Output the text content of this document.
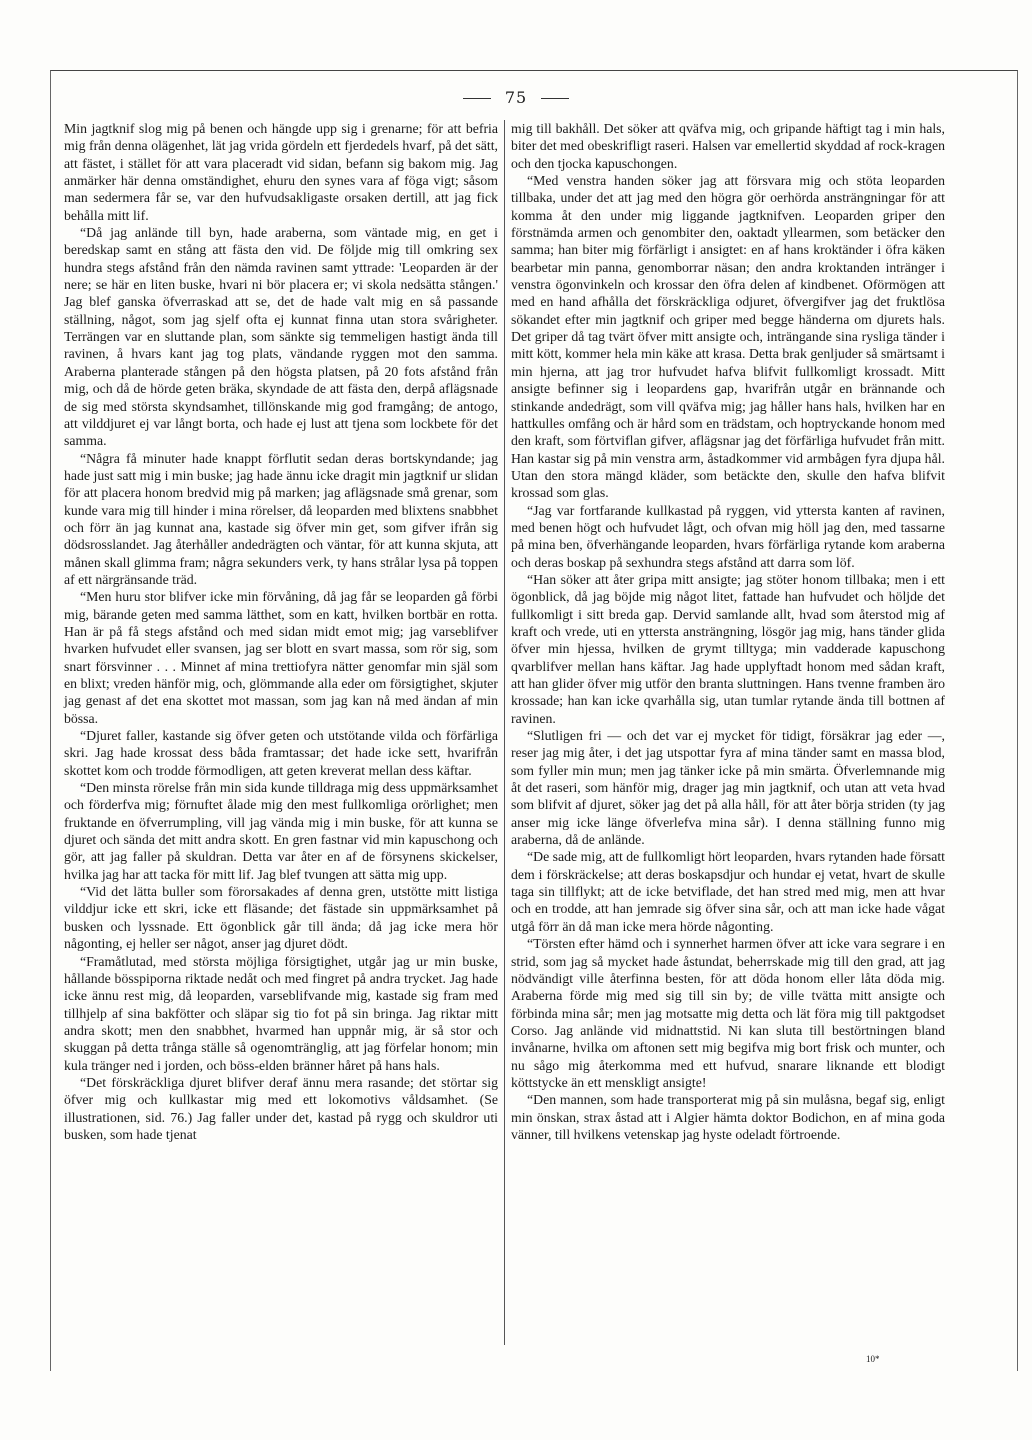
75

Min jagtknif slog mig på benen och hängde upp sig i grenarne; för att befria mig från denna olägenhet, lät jag vrida gördeln ett fjerdedels hvarf, på det sätt, att fästet, i stället för att vara placeradt vid sidan, befann sig bakom mig. Jag anmärker här denna omständighet, ehuru den synes vara af föga vigt; såsom man sedermera får se, var den hufvudsakligaste orsaken dertill, att jag fick behålla mitt lif.

“Då jag anlände till byn, hade araberna, som väntade mig, en get i beredskap samt en stång att fästa den vid. De följde mig till omkring sex hundra stegs afstånd från den nämda ravinen samt yttrade: 'Leoparden är der nere; se här en liten buske, hvari ni bör placera er; vi skola nedsätta stången.' Jag blef ganska öfverraskad att se, det de hade valt mig en så passande ställning, något, som jag sjelf ofta ej kunnat finna utan stora svårigheter. Terrängen var en sluttande plan, som sänkte sig temmeligen hastigt ända till ravinen, å hvars kant jag tog plats, vändande ryggen mot den samma. Araberna planterade stången på den högsta platsen, på 20 fots afstånd från mig, och då de hörde geten bräka, skyndade de att fästa den, derpå aflägsnade de sig med största skyndsamhet, tillönskande mig god framgång; de antogo, att vilddjuret ej var långt borta, och hade ej lust att tjena som lockbete för det samma.

“Några få minuter hade knappt förflutit sedan deras bortskyndande; jag hade just satt mig i min buske; jag hade ännu icke dragit min jagtknif ur slidan för att placera honom bredvid mig på marken; jag aflägsnade små grenar, som kunde vara mig till hinder i mina rörelser, då leoparden med blixtens snabbhet och förr än jag kunnat ana, kastade sig öfver min get, som gifver ifrån sig dödsrosslandet. Jag återhåller andedrägten och väntar, för att kunna skjuta, att månen skall glimma fram; några sekunders verk, ty hans strålar lysa på toppen af ett närgränsande träd.

“Men huru stor blifver icke min förvåning, då jag får se leoparden gå förbi mig, bärande geten med samma lätthet, som en katt, hvilken bortbär en rotta. Han är på få stegs afstånd och med sidan midt emot mig; jag varseblifver hvarken hufvudet eller svansen, jag ser blott en svart massa, som rör sig, som snart försvinner . . . Minnet af mina trettiofyra nätter genomfar min själ som en blixt; vreden hänför mig, och, glömmande alla eder om försigtighet, skjuter jag genast af det ena skottet mot massan, som jag kan nå med ändan af min bössa.

“Djuret faller, kastande sig öfver geten och utstötande vilda och förfärliga skri. Jag hade krossat dess båda framtassar; det hade icke sett, hvarifrån skottet kom och trodde förmodligen, att geten kreverat mellan dess käftar.

“Den minsta rörelse från min sida kunde tilldraga mig dess uppmärksamhet och förderfva mig; förnuftet ålade mig den mest fullkomliga orörlighet; men fruktande en öfverrumpling, vill jag vända mig i min buske, för att kunna se djuret och sända det mitt andra skott. En gren fastnar vid min kapuschong och gör, att jag faller på skuldran. Detta var åter en af de försynens skickelser, hvilka jag har att tacka för mitt lif. Jag blef tvungen att sätta mig upp.

“Vid det lätta buller som förorsakades af denna gren, utstötte mitt listiga vilddjur icke ett skri, icke ett fläsande; det fästade sin uppmärksamhet på busken och lyssnade. Ett ögonblick går till ända; då jag icke mera hör någonting, ej heller ser något, anser jag djuret dödt.

“Framåtlutad, med största möjliga försigtighet, utgår jag ur min buske, hållande bösspiporna riktade nedåt och med fingret på andra trycket. Jag hade icke ännu rest mig, då leoparden, varseblifvande mig, kastade sig fram med tillhjelp af sina bakfötter och släpar sig tio fot på sin bringa. Jag riktar mitt andra skott; men den snabbhet, hvarmed han uppnår mig, är så stor och skuggan på detta trånga ställe så ogenomtränglig, att jag förfelar honom; min kula tränger ned i jorden, och böss-elden bränner håret på hans hals.

“Det förskräckliga djuret blifver deraf ännu mera rasande; det störtar sig öfver mig och kullkastar mig med ett lokomotivs våldsamhet. (Se illustrationen, sid. 76.) Jag faller under det, kastad på rygg och skuldror uti busken, som hade tjenat

mig till bakhåll. Det söker att qväfva mig, och gripande häftigt tag i min hals, biter det med obeskrifligt raseri. Halsen var emellertid skyddad af rock-kragen och den tjocka kapuschongen.

“Med venstra handen söker jag att försvara mig och stöta leoparden tillbaka, under det att jag med den högra gör oerhörda ansträngningar för att komma åt den under mig liggande jagtknifven. Leoparden griper den förstnämda armen och genombiter den, oaktadt yllearmen, som betäcker den samma; han biter mig förfärligt i ansigtet: en af hans kroktänder i öfra käken bearbetar min panna, genomborrar näsan; den andra kroktanden intränger i venstra ögonvinkeln och krossar den öfra delen af kindbenet. Oförmögen att med en hand afhålla det förskräckliga odjuret, öfvergifver jag det fruktlösa sökandet efter min jagtknif och griper med begge händerna om djurets hals. Det griper då tag tvärt öfver mitt ansigte och, inträngande sina rysliga tänder i mitt kött, kommer hela min käke att krasa. Detta brak genljuder så smärtsamt i min hjerna, att jag tror hufvudet hafva blifvit fullkomligt krossadt. Mitt ansigte befinner sig i leopardens gap, hvarifrån utgår en brännande och stinkande andedrägt, som vill qväfva mig; jag håller hans hals, hvilken har en hattkulles omfång och är hård som en trädstam, och hoptryckande honom med den kraft, som förtviflan gifver, aflägsnar jag det förfärliga hufvudet från mitt. Han kastar sig på min venstra arm, åstadkommer vid armbågen fyra djupa hål. Utan den stora mängd kläder, som betäckte den, skulle den hafva blifvit krossad som glas.

“Jag var fortfarande kullkastad på ryggen, vid yttersta kanten af ravinen, med benen högt och hufvudet lågt, och ofvan mig höll jag den, med tassarne på mina ben, öfverhängande leoparden, hvars förfärliga rytande kom araberna och deras boskap på sexhundra stegs afstånd att darra som löf.

“Han söker att åter gripa mitt ansigte; jag stöter honom tillbaka; men i ett ögonblick, då jag böjde mig något litet, fattade han hufvudet och höljde det fullkomligt i sitt breda gap. Dervid samlande allt, hvad som återstod mig af kraft och vrede, uti en yttersta ansträngning, lösgör jag mig, hans tänder glida öfver min hjessa, hvilken de grymt tilltyga; min vadderade kapuschong qvarblifver mellan hans käftar. Jag hade upplyftadt honom med sådan kraft, att han glider öfver mig utför den branta sluttningen. Hans tvenne framben äro krossade; han kan icke qvarhålla sig, utan tumlar rytande ända till bottnen af ravinen.

“Slutligen fri — och det var ej mycket för tidigt, försäkrar jag eder —, reser jag mig åter, i det jag utspottar fyra af mina tänder samt en massa blod, som fyller min mun; men jag tänker icke på min smärta. Öfverlemnande mig åt det raseri, som hänför mig, drager jag min jagtknif, och utan att veta hvad som blifvit af djuret, söker jag det på alla håll, för att åter börja striden (ty jag anser mig icke länge öfverlefva mina sår). I denna ställning funno mig araberna, då de anlände.

“De sade mig, att de fullkomligt hört leoparden, hvars rytanden hade försatt dem i förskräckelse; att deras boskapsdjur och hundar ej vetat, hvart de skulle taga sin tillflykt; att de icke betviflade, det han stred med mig, men att hvar och en trodde, att han jemrade sig öfver sina sår, och att man icke hade vågat utgå förr än då man icke mera hörde någonting.

“Törsten efter hämd och i synnerhet harmen öfver att icke vara segrare i en strid, som jag så mycket hade åstundat, beherrskade mig till den grad, att jag nödvändigt ville återfinna besten, för att döda honom eller låta döda mig. Araberna förde mig med sig till sin by; de ville tvätta mitt ansigte och förbinda mina sår; men jag motsatte mig detta och lät föra mig till paktgodset Corso. Jag anlände vid midnattstid. Ni kan sluta till bestörtningen bland invånarne, hvilka om aftonen sett mig begifva mig bort frisk och munter, och nu sågo mig återkomma med ett hufvud, snarare liknande ett blodigt köttstycke än ett menskligt ansigte!

“Den mannen, som hade transporterat mig på sin mulåsna, begaf sig, enligt min önskan, strax åstad att i Algier hämta doktor Bodichon, en af mina goda vänner, till hvilkens vetenskap jag hyste odeladt förtroende.

10*
